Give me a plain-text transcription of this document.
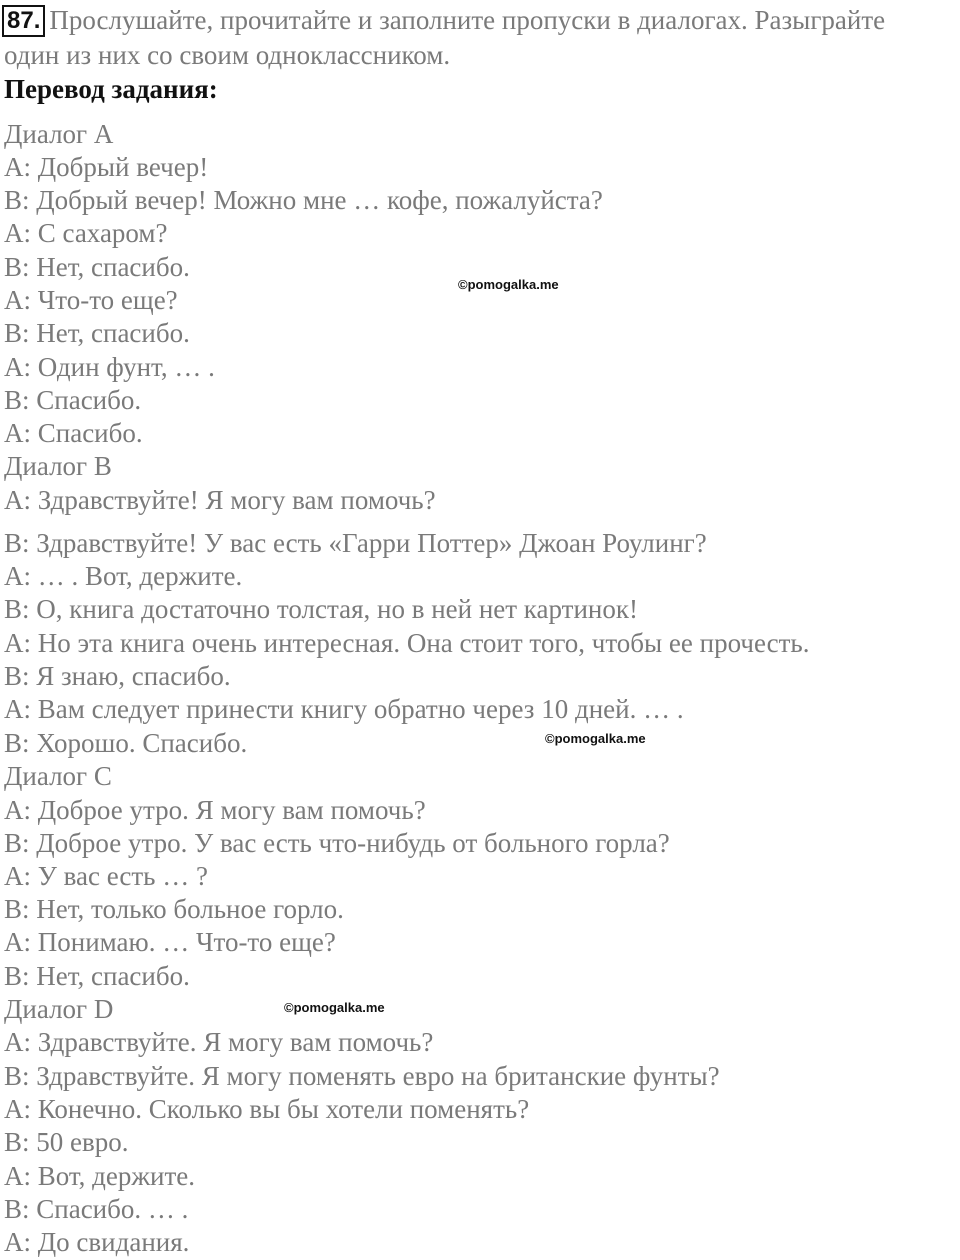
87. Прослушайте, прочитайте и заполните пропуски в диалогах. Разыграйте
один из них со своим одноклассником.
Перевод задания:
Диалог A
A: Добрый вечер!
B: Добрый вечер! Можно мне … кофе, пожалуйста?
A: С сахаром?
B: Нет, спасибо.
A: Что-то еще?
B: Нет, спасибо.
A: Один фунт, … .
B: Спасибо.
A: Спасибо.
Диалог B
A: Здравствуйте! Я могу вам помочь?
B: Здравствуйте! У вас есть «Гарри Поттер» Джоан Роулинг?
A: … . Вот, держите.
B: О, книга достаточно толстая, но в ней нет картинок!
A: Но эта книга очень интересная. Она стоит того, чтобы ее прочесть.
B: Я знаю, спасибо.
A: Вам следует принести книгу обратно через 10 дней. … .
B: Хорошо. Спасибо.
Диалог C
A: Доброе утро. Я могу вам помочь?
B: Доброе утро. У вас есть что-нибудь от больного горла?
A: У вас есть … ?
B: Нет, только больное горло.
A: Понимаю. … Что-то еще?
B: Нет, спасибо.
Диалог D
A: Здравствуйте. Я могу вам помочь?
B: Здравствуйте. Я могу поменять евро на британские фунты?
A: Конечно. Сколько вы бы хотели поменять?
B: 50 евро.
A: Вот, держите.
B: Спасибо. … .
A: До свидания.
©pomogalka.me
©pomogalka.me
©pomogalka.me
